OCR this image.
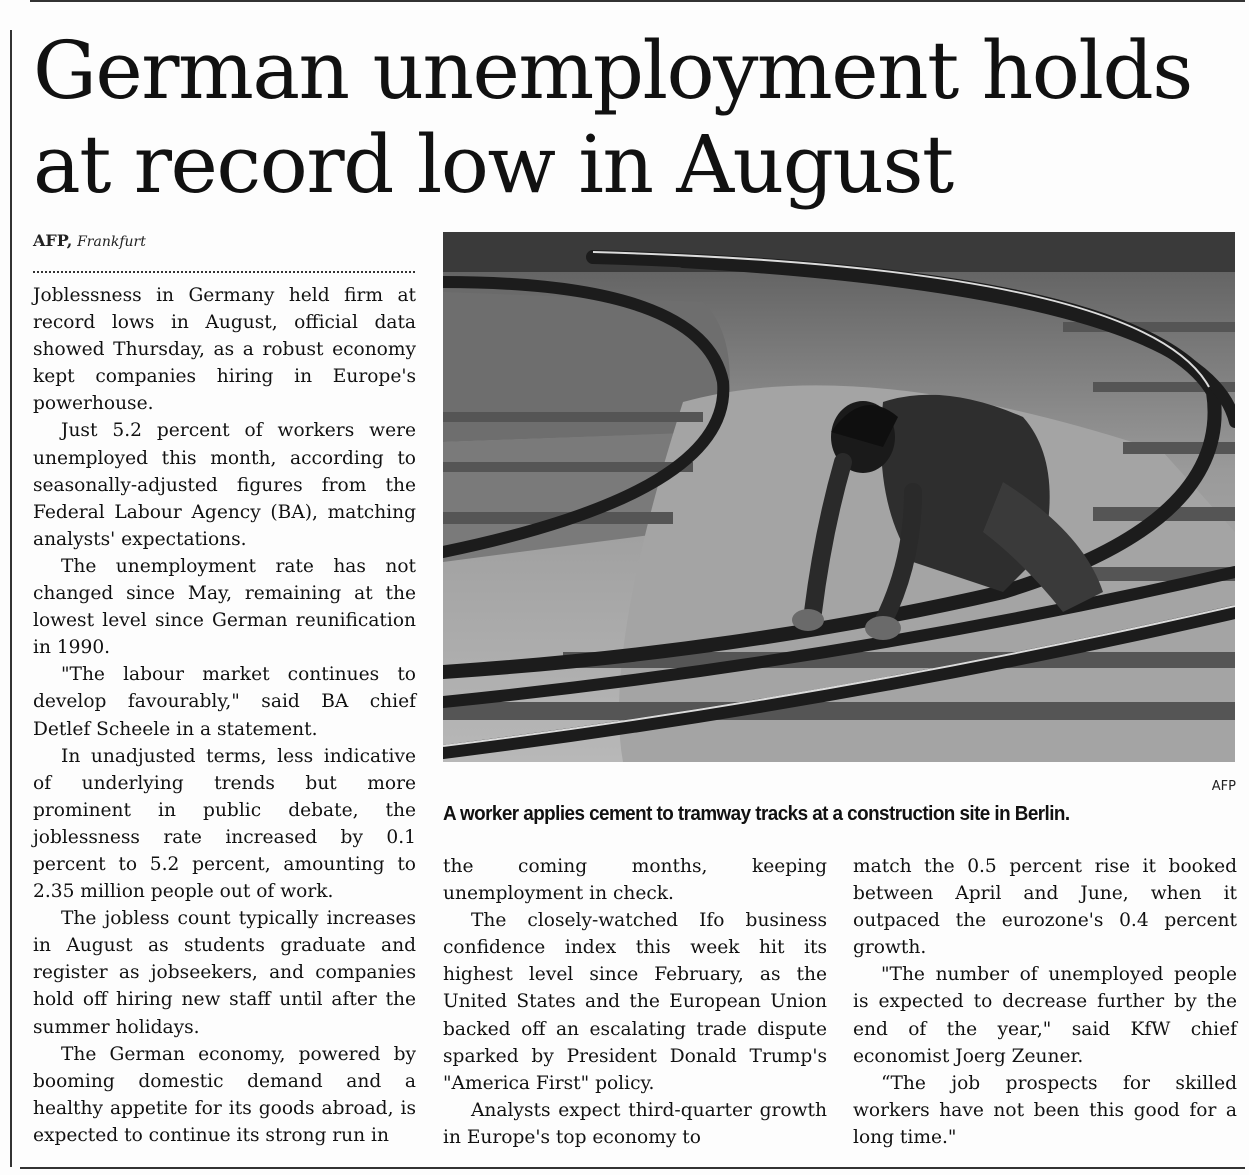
German unemployment holds at record low in August
AFP, Frankfurt

Joblessness in Germany held firm at record lows in August, official data showed Thursday, as a robust economy kept companies hiring in Europe's powerhouse.

Just 5.2 percent of workers were unemployed this month, according to seasonally-adjusted figures from the Federal Labour Agency (BA), matching analysts' expectations.

The unemployment rate has not changed since May, remaining at the lowest level since German reunification in 1990.

"The labour market continues to develop favourably," said BA chief Detlef Scheele in a statement.

In unadjusted terms, less indicative of underlying trends but more prominent in public debate, the joblessness rate increased by 0.1 percent to 5.2 percent, amounting to 2.35 million people out of work.

The jobless count typically increases in August as students graduate and register as jobseekers, and companies hold off hiring new staff until after the summer holidays.

The German economy, powered by booming domestic demand and a healthy appetite for its goods abroad, is expected to continue its strong run in

AFP
A worker applies cement to tramway tracks at a construction site in Berlin.

the coming months, keeping unemployment in check.

The closely-watched Ifo business confidence index this week hit its highest level since February, as the United States and the European Union backed off an escalating trade dispute sparked by President Donald Trump's "America First" policy.

Analysts expect third-quarter growth in Europe's top economy to

match the 0.5 percent rise it booked between April and June, when it outpaced the eurozone's 0.4 percent growth.

"The number of unemployed people is expected to decrease further by the end of the year," said KfW chief economist Joerg Zeuner.

“The job prospects for skilled workers have not been this good for a long time."
